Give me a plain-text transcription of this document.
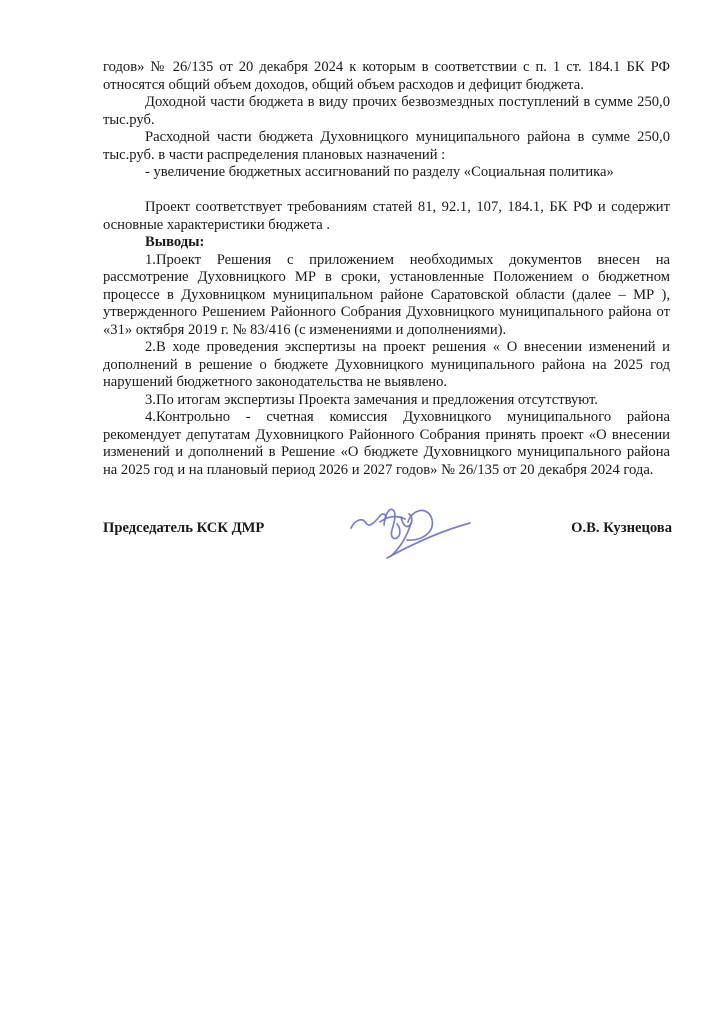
годов» № 26/135 от 20 декабря 2024 к которым в соответствии с п. 1 ст. 184.1 БК РФ относятся общий объем доходов, общий объем расходов и дефицит бюджета.

Доходной части бюджета в виду прочих безвозмездных поступлений в сумме 250,0 тыс.руб.

Расходной части бюджета Духовницкого муниципального района в сумме 250,0 тыс.руб. в части распределения плановых назначений :

- увеличение бюджетных ассигнований по разделу «Социальная политика»

Проект соответствует требованиям статей 81, 92.1, 107, 184.1, БК РФ и содержит основные характеристики бюджета .

Выводы:

1.Проект Решения с приложением необходимых документов внесен на рассмотрение Духовницкого МР в сроки, установленные Положением о бюджетном процессе в Духовницком муниципальном районе Саратовской области (далее – МР ), утвержденного Решением Районного Собрания Духовницкого муниципального района от «31» октября 2019 г. № 83/416 (с изменениями и дополнениями).

2.В ходе проведения экспертизы на проект решения « О внесении изменений и дополнений в решение о бюджете Духовницкого муниципального района на 2025 год нарушений бюджетного законодательства не выявлено.

3.По итогам экспертизы Проекта замечания и предложения отсутствуют.

4.Контрольно - счетная комиссия Духовницкого муниципального района рекомендует депутатам Духовницкого Районного Собрания принять проект «О внесении изменений и дополнений в Решение «О бюджете Духовницкого муниципального района на 2025 год и на плановый период 2026 и 2027 годов» № 26/135 от 20 декабря 2024 года.

Председатель КСК ДМР	О.В. Кузнецова
